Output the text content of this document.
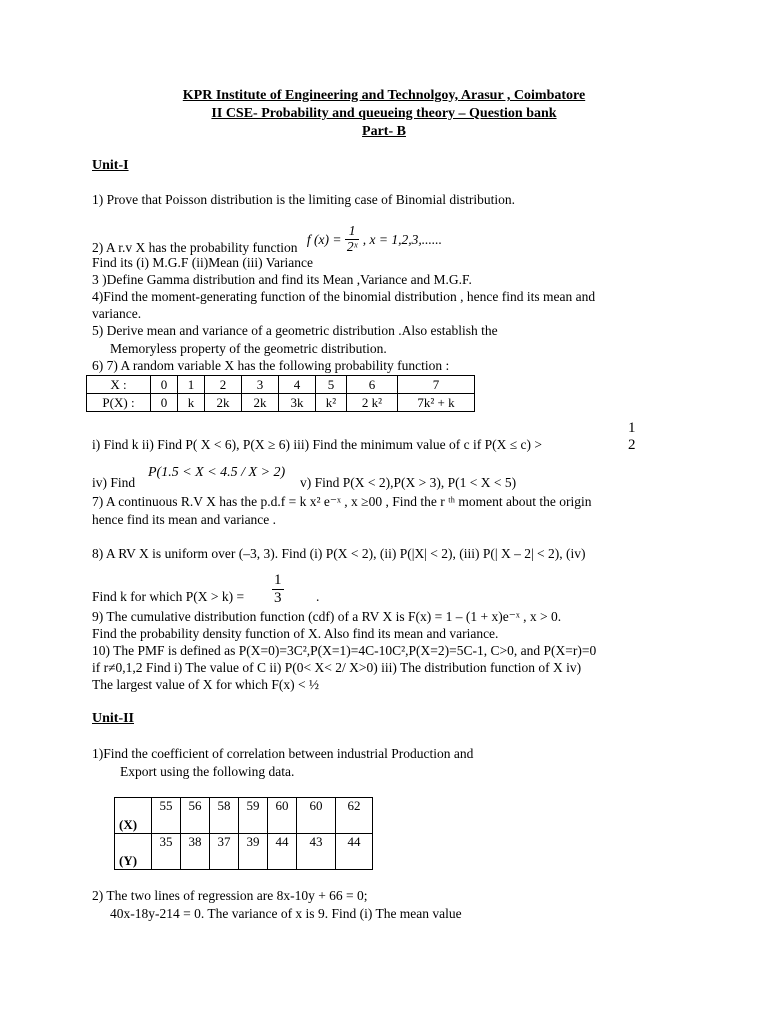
KPR Institute of Engineering and Technolgoy, Arasur , Coimbatore
II CSE- Probability and queueing theory – Question bank
Part- B
Unit-I
1) Prove that Poisson distribution is the limiting case of Binomial distribution.
2) A r.v X has the probability function f $(x) = \frac{1}{\text{2ˣ}}$ , x = 1,2,3,......
Find its (i) M.G.F (ii)Mean (iii) Variance
3 )Define Gamma distribution and find its Mean ,Variance and M.G.F.
4)Find the moment-generating function of the binomial distribution , hence find its mean and
variance.
5) Derive mean and variance of a geometric distribution .Also establish the
Memoryless property of the geometric distribution.
6) 7) A random variable X has the following probability function :
X :	0	1	2	3	4	5	6	7
P(X) :	0	k	2k	2k	3k	k²	2 k²	7k² + k
i) Find k ii) Find P( X < 6), P(X ≥ 6) iii) Find the minimum value of c if P(X ≤ c) >
1
2
iv) Find
P(1.5 < X < 4.5 / X > 2)
v) Find P(X < 2),P(X > 3), P(1 < X < 5)
7) A continuous R.V X has the p.d.f = k x² e⁻ˣ , x ≥00 , Find the r ᵗʰ moment about the origin
hence find its mean and variance .
8) A RV X is uniform over (–3, 3). Find (i) P(X < 2), (ii) P(|X| < 2), (iii) P(| X – 2| < 2), (iv)
Find k for which $P(X > k) = \frac{1}{3}$ .
9) The cumulative distribution function (cdf) of a RV X is F(x) = 1 – (1 + x)e⁻ˣ , x > 0.
Find the probability density function of X. Also find its mean and variance.
10) The PMF is defined as P(X=0)=3C²,P(X=1)=4C-10C²,P(X=2)=5C-1, C>0, and P(X=r)=0
if r≠0,1,2 Find i) The value of C ii) P(0< X< 2/ X>0) iii) The distribution function of X iv)
The largest value of X for which F(x) < ½
Unit-II
1)Find the coefficient of correlation between industrial Production and
Export using the following data.
(X)	55	56	58	59	60	60	62
(Y)	35	38	37	39	44	43	44
2) The two lines of regression are 8x-10y + 66 = 0;
40x-18y-214 = 0. The variance of x is 9. Find (i) The mean value
